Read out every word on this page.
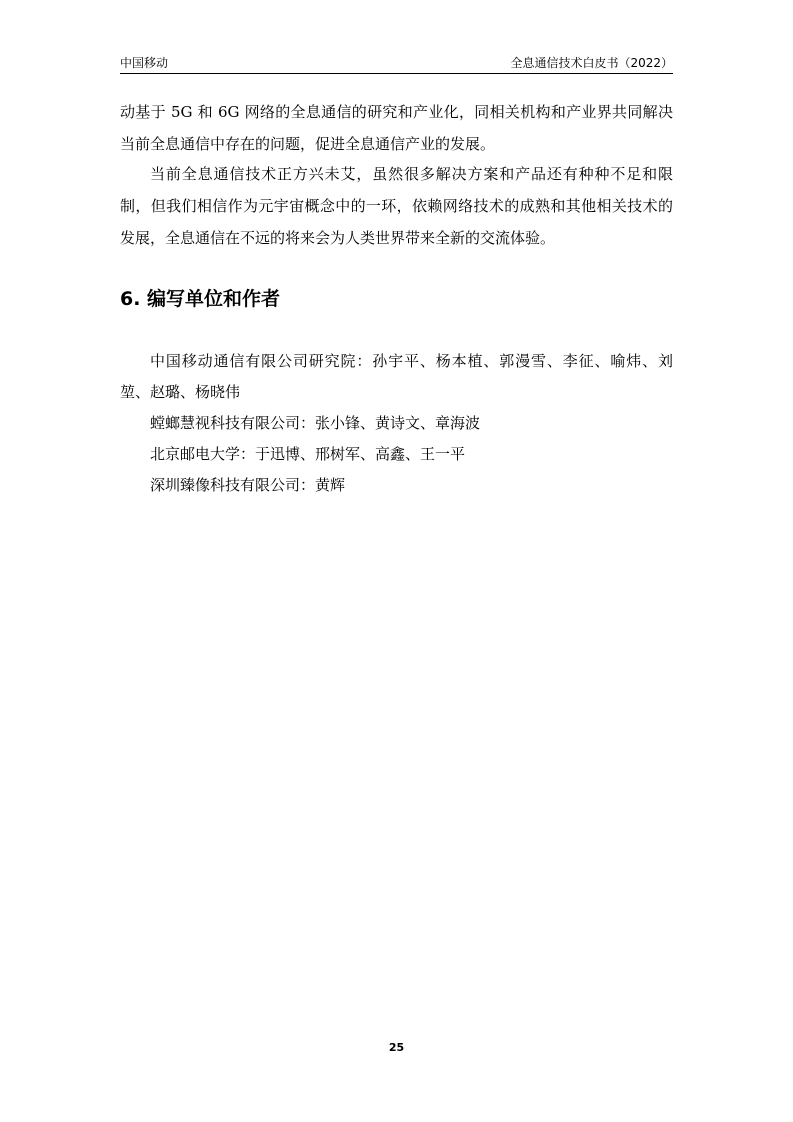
中国移动	全息通信技术白皮书（2022）
动基于 5G 和 6G 网络的全息通信的研究和产业化，同相关机构和产业界共同解决当前全息通信中存在的问题，促进全息通信产业的发展。
当前全息通信技术正方兴未艾，虽然很多解决方案和产品还有种种不足和限制，但我们相信作为元宇宙概念中的一环，依赖网络技术的成熟和其他相关技术的发展，全息通信在不远的将来会为人类世界带来全新的交流体验。
6. 编写单位和作者
中国移动通信有限公司研究院：孙宇平、杨本植、郭漫雪、李征、喻炜、刘堃、赵璐、杨晓伟
螳螂慧视科技有限公司：张小锋、黄诗文、章海波
北京邮电大学：于迅博、邢树军、高鑫、王一平
深圳臻像科技有限公司：黄辉
25
